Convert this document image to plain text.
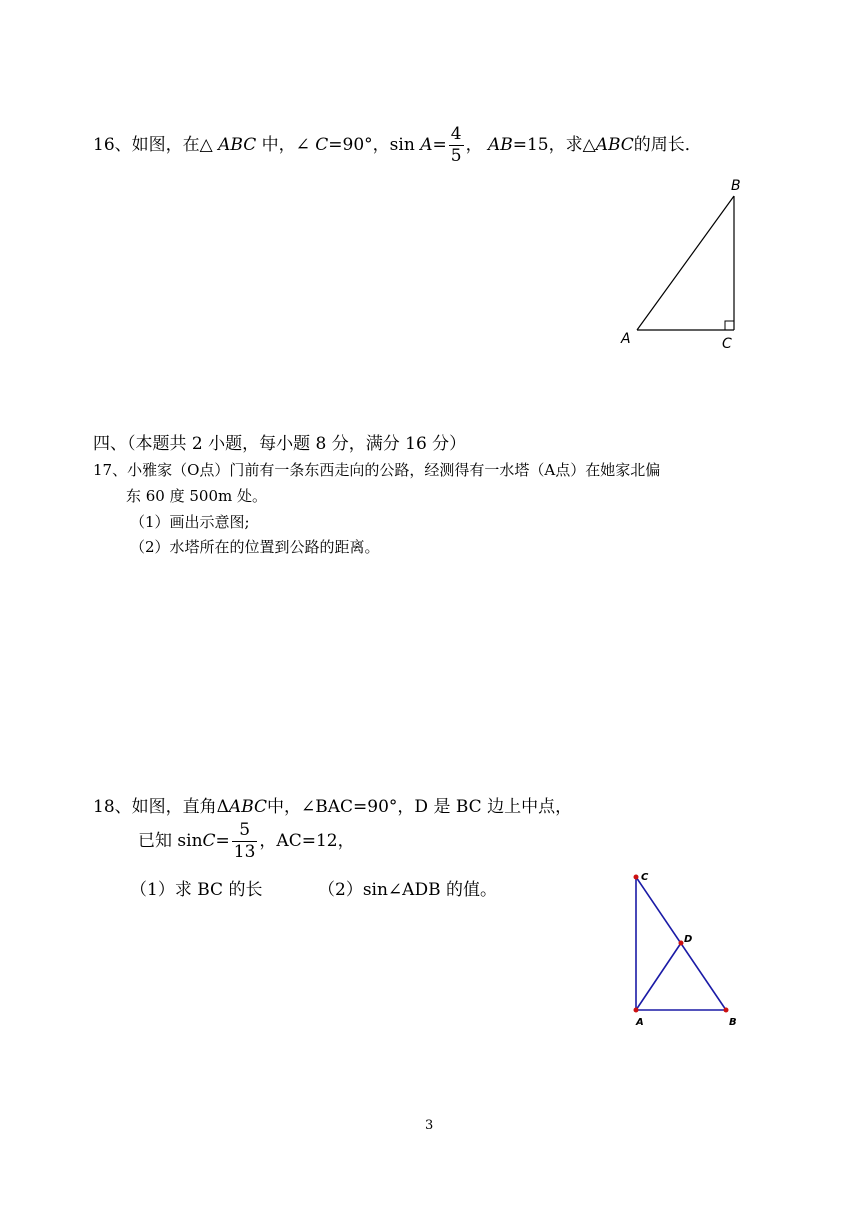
16、如图，在△ ABC 中，∠ C=90°，$\sin A= \frac{4}{5}$ ， AB=15，求△ABC的周长．
B
A	C
四、（本题共 2 小题，每小题 8 分，满分 16 分）
17、小雅家（O点）门前有一条东西走向的公路，经测得有一水塔（A点）在她家北偏
东 60 度 500m 处。
（1）画出示意图;
（2）水塔所在的位置到公路的距离。
18、如图，直角ΔABC中，∠BAC=90°，D 是 BC 边上中点，
已知 $\sin C= \frac{5}{13}$ ，AC=12，
（1）求 BC 的长	（2）sin∠ADB 的值。
C
D
A	B
3
